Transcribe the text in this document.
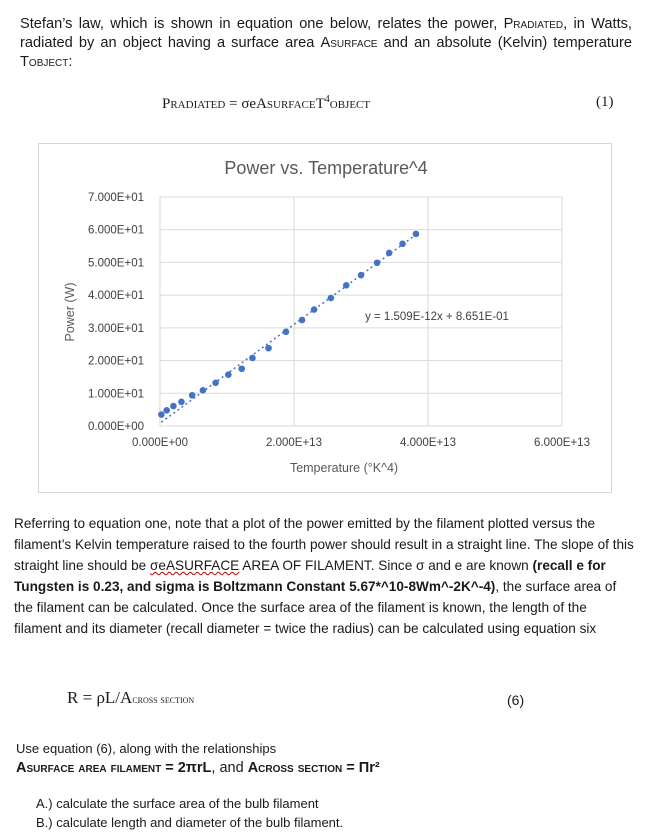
Stefan’s law, which is shown in equation one below, relates the power, Pradiated, in Watts, radiated by an object having a surface area Asurface and an absolute (Kelvin) temperature Tobject:
Pradiated = σeAsurfaceT$^4$object	(1)
Power vs. Temperature^4
0.000E+00
1.000E+01
2.000E+01
3.000E+01
4.000E+01
5.000E+01
6.000E+01
7.000E+01
0.000E+00	2.000E+13	4.000E+13	6.000E+13
y = 1.509E-12x + 8.651E-01
Temperature (°K^4)
Power (W)
Referring to equation one, note that a plot of the power emitted by the filament plotted versus the filament’s Kelvin temperature raised to the fourth power should result in a straight line. The slope of this straight line should be σeASURFACE AREA OF FILAMENT. Since σ and e are known (recall e for Tungsten is 0.23, and sigma is Boltzmann Constant 5.67*^10-8Wm^-2K^-4), the surface area of the filament can be calculated. Once the surface area of the filament is known, the length of the filament and its diameter (recall diameter = twice the radius) can be calculated using equation six
R = ρL/Across section	(6)
Use equation (6), along with the relationships
Asurface area filament = 2πrL, and Across section = Πr²
A.) calculate the surface area of the bulb filament
B.) calculate length and diameter of the bulb filament.
